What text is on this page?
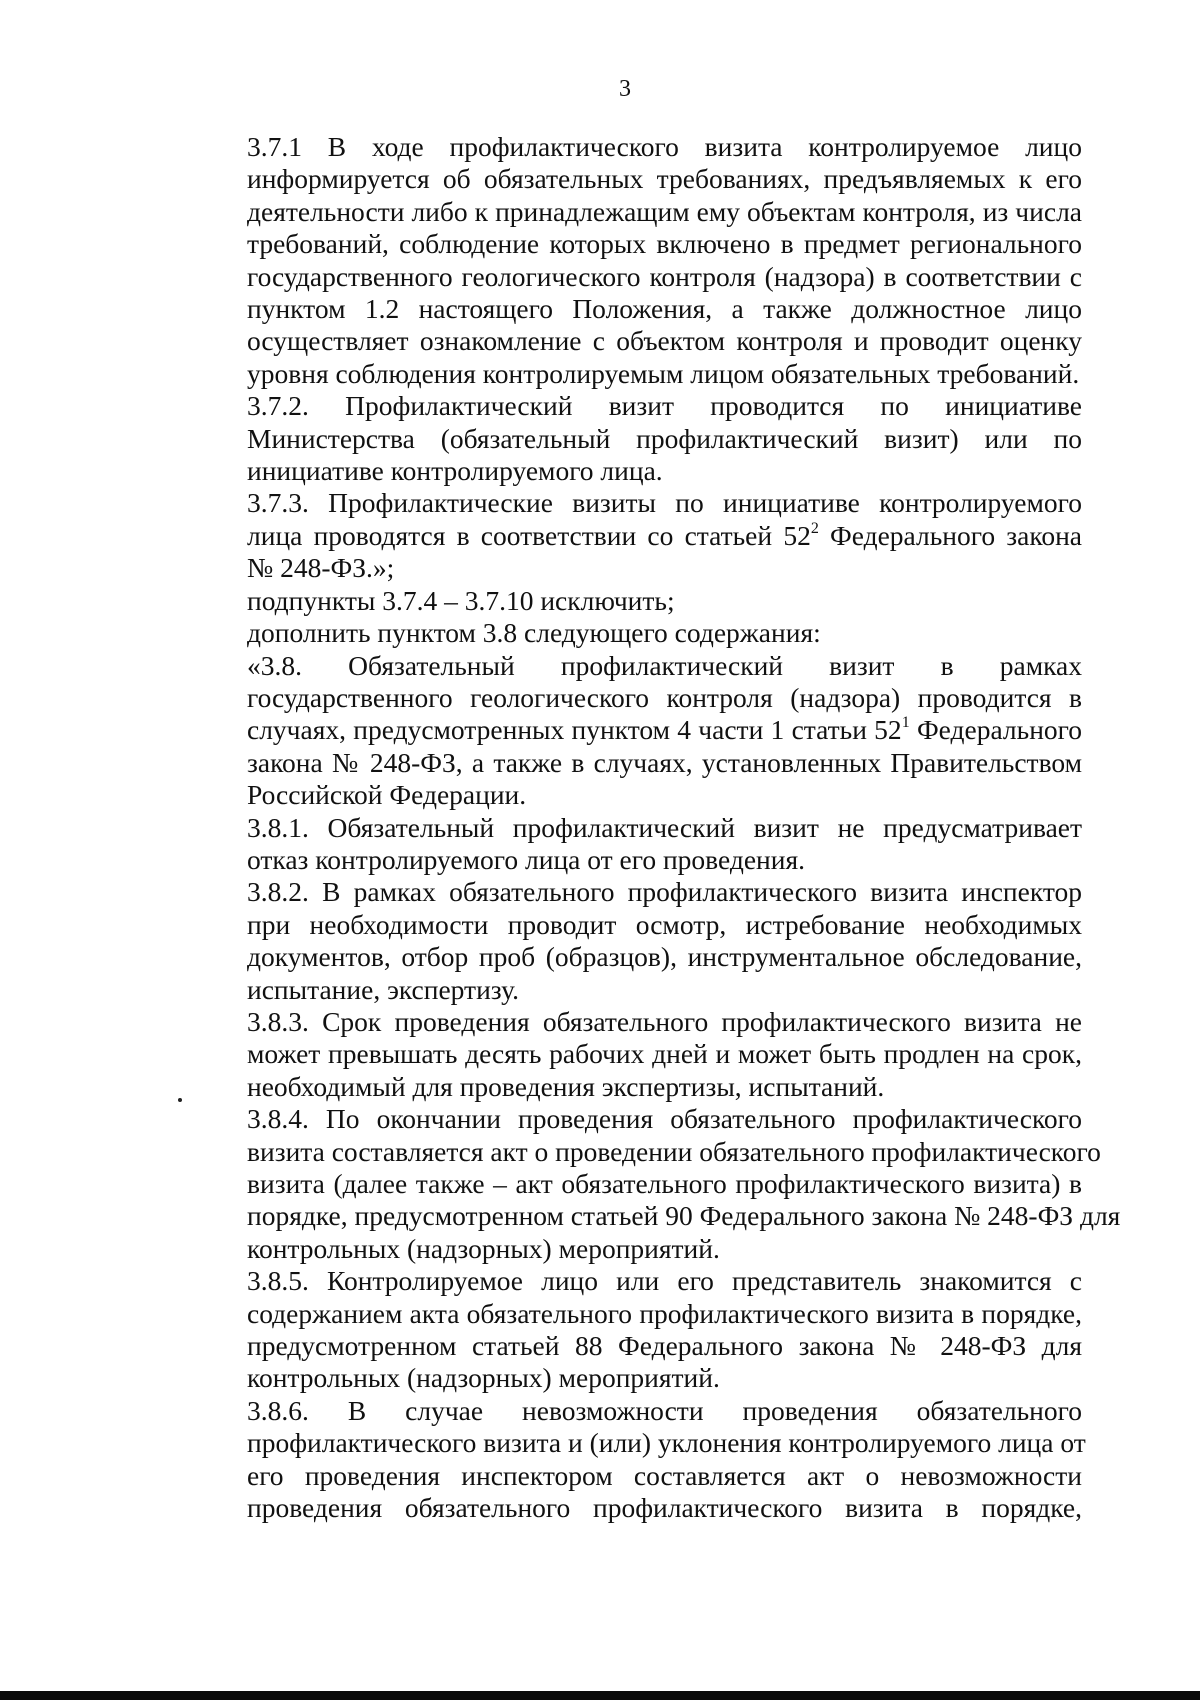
3
3.7.1 В ходе профилактического визита контролируемое лицо
информируется об обязательных требованиях, предъявляемых к его
деятельности либо к принадлежащим ему объектам контроля, из числа
требований, соблюдение которых включено в предмет регионального
государственного геологического контроля (надзора) в соответствии с
пунктом 1.2 настоящего Положения, а также должностное лицо
осуществляет ознакомление с объектом контроля и проводит оценку
уровня соблюдения контролируемым лицом обязательных требований.
3.7.2. Профилактический визит проводится по инициативе
Министерства (обязательный профилактический визит) или по
инициативе контролируемого лица.
3.7.3. Профилактические визиты по инициативе контролируемого
лица проводятся в соответствии со статьей $52^2$ Федерального закона
№ 248-ФЗ.»;
подпункты 3.7.4 – 3.7.10 исключить;
дополнить пунктом 3.8 следующего содержания:
«3.8. Обязательный профилактический визит в рамках
государственного геологического контроля (надзора) проводится в
случаях, предусмотренных пунктом 4 части 1 статьи $52^1$ Федерального
закона № 248-ФЗ, а также в случаях, установленных Правительством
Российской Федерации.
3.8.1. Обязательный профилактический визит не предусматривает
отказ контролируемого лица от его проведения.
3.8.2. В рамках обязательного профилактического визита инспектор
при необходимости проводит осмотр, истребование необходимых
документов, отбор проб (образцов), инструментальное обследование,
испытание, экспертизу.
3.8.3. Срок проведения обязательного профилактического визита не
может превышать десять рабочих дней и может быть продлен на срок,
необходимый для проведения экспертизы, испытаний.
3.8.4. По окончании проведения обязательного профилактического
визита составляется акт о проведении обязательного профилактического
визита (далее также – акт обязательного профилактического визита) в
порядке, предусмотренном статьей 90 Федерального закона № 248-ФЗ для
контрольных (надзорных) мероприятий.
3.8.5. Контролируемое лицо или его представитель знакомится с
содержанием акта обязательного профилактического визита в порядке,
предусмотренном статьей 88 Федерального закона № 248-ФЗ для
контрольных (надзорных) мероприятий.
3.8.6. В случае невозможности проведения обязательного
профилактического визита и (или) уклонения контролируемого лица от
его проведения инспектором составляется акт о невозможности
проведения обязательного профилактического визита в порядке,
